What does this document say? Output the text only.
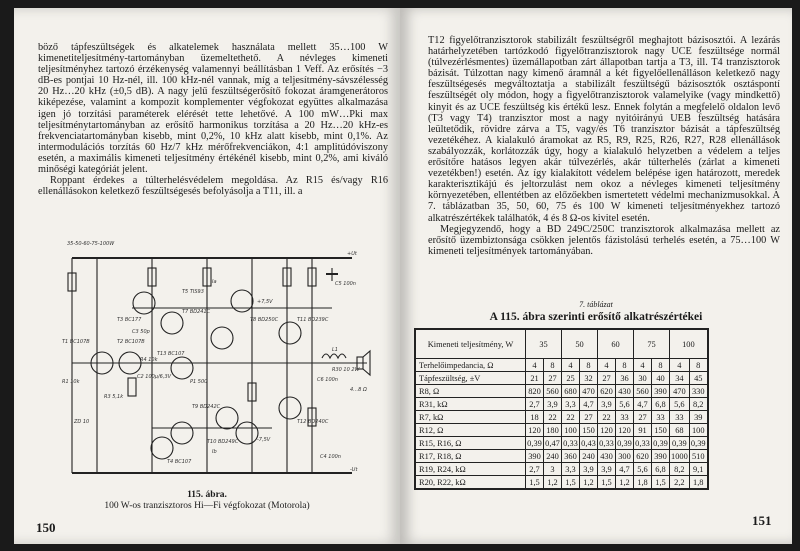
böző tápfeszültségek és alkatelemek használata mellett 35…100 W kimenetiteljesítmény-tartományban üzemeltethető. A névleges kimeneti teljesítményhez tartozó érzékenység valamennyi beállításban 1 Veff. Az erősítés −3 dB-es pontjai 10 Hz-nél, ill. 100 kHz-nél vannak, míg a teljesítmény-sávszélesség 20 Hz…20 kHz (±0,5 dB). A nagy jelű feszültségerősítő fokozat áramgenerátoros kiképezése, valamint a kompozit komplementer végfokozat együttes alkalmazása igen jó torzítási paraméterek elérését tette lehetővé. A 100 mW…Pki max teljesítménytartományban az erősítő harmonikus torzítása a 20 Hz…20 kHz-es frekvenciatartományban kisebb, mint 0,2%, 10 kHz alatt kisebb, mint 0,1%. Az intermodulációs torzítás 60 Hz/7 kHz mérőfrekvenciákon, 4:1 amplitúdóviszony esetén, a maximális kimeneti teljesítmény értékénél kisebb, mint 0,2%, ami kiváló minőségi kategóriát jelent.

Roppant érdekes a túlterhelésvédelem megoldása. Az R15 és/vagy R16 ellenállásokon keletkező feszültségesés befolyásolja a T11, ill. a

35-50-60-75-100W
T1 BC107B	T2 BC107B
T3 BC177
T5 TIS93
T7 BD241C
T8 BD250C
T9 BD242C
T10 BD249C
T11 BD239C
T12 BD240C
T13 BC107
T4 BC107
R1 10k
R4 10k
C2 100µ/6,3V
C3 50p
P1 500
R3 5,1k
ZD 10
L1
+Ut
-Ut
4…8 Ω
C5 100n
C6 100n
C4 100n
+7,5V
-7,5V
Ia
Ib
R30 10 2W
115. ábra.
100 W-os tranzisztoros Hi—Fi végfokozat (Motorola)
150

T12 figyelőtranzisztorok stabilizált feszültségről meghajtott bázisosztói. A lezárás határhelyzetében tartózkodó figyelőtranzisztorok nagy UCE feszültsége normál (túlvezérlésmentes) üzemállapotban zárt állapotban tartja a T3, ill. T4 tranzisztorok bázisát. Túlzottan nagy kimenő áramnál a két figyelőellenálláson keletkező nagy feszültségesés megváltoztatja a stabilizált feszültségű bázisosztók osztáspontí feszültségét oly módon, hogy a figyelőtranzisztorok valamelyike (vagy mindkettő) kinyit és az UCE feszültség kis értékű lesz. Ennek folytán a megfelelő oldalon levő (T3 vagy T4) tranzisztor most a nagy nyitóirányú UEB feszültség hatására leültetődik, rövidre zárva a T5, vagy/és T6 tranzisztor bázisát a tápfeszültség vezetékéhez. A kialakuló áramokat az R5, R9, R25, R26, R27, R28 ellenállások szabályozzák, korlátozzák úgy, hogy a kialakuló helyzetben a védelem a teljes erősítőre hatásos legyen akár túlvezérlés, akár túlterhelés (zárlat a kimeneti vezetékben!) esetén. Az így kialakított védelem belépése igen határozott, meredek karakterisztikájú és jeltorzulást nem okoz a névleges kimeneti teljesítmény környezetében, ellentétben az előzőekben ismertetett védelmi mechanizmusokkal. A 7. táblázatban 35, 50, 60, 75 és 100 W kimeneti teljesítményekhez tartozó alkatrészértékek találhatók, 4 és 8 Ω-os kivitel esetén.

Megjegyzendő, hogy a BD 249C/250C tranzisztorok alkalmazása mellett az erősítő üzembiztonsága csökken jelentős fázistolású terhelés esetén, a 75…100 W kimeneti teljesítmények tartományában.

7. táblázat
A 115. ábra szerinti erősítő alkatrészértékei
Kimeneti teljesítmény, W	35		50		60		75		100	
Terhelőimpedancia, Ω	4	8	4	8	4	8	4	8	4	8
Tápfeszültség, ±V	21	27	25	32	27	36	30	40	34	45
R8, Ω	820	560	680	470	620	430	560	390	470	330
R31, kΩ	2,7	3,9	3,3	4,7	3,9	5,6	4,7	6,8	5,6	8,2
R7, kΩ	18	22	22	27	22	33	27	33	33	39
R12, Ω	120	180	100	150	120	120	91	150	68	100
R15, R16, Ω	0,39	0,47	0,33	0,43	0,33	0,39	0,33	0,39	0,39	0,39
R17, R18, Ω	390	240	360	240	430	300	620	390	1000	510
R19, R24, kΩ	2,7	3	3,3	3,9	3,9	4,7	5,6	6,8	8,2	9,1
R20, R22, kΩ	1,5	1,2	1,5	1,2	1,5	1,2	1,8	1,5	2,2	1,8
151
